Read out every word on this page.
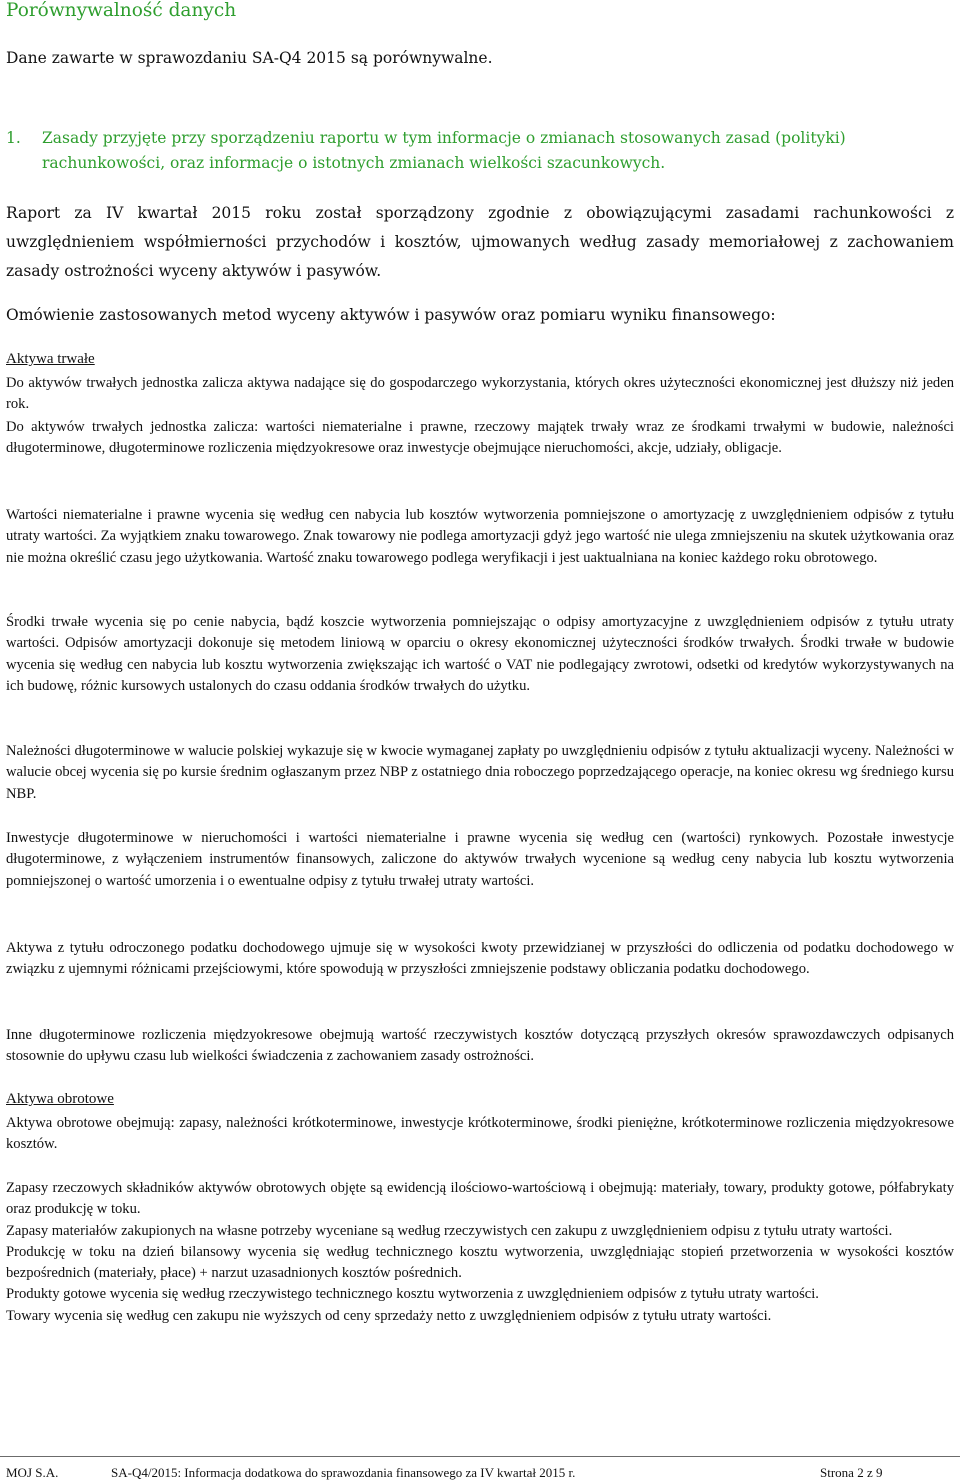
Porównywalność danych
Dane zawarte w sprawozdaniu SA-Q4 2015 są porównywalne.
1. Zasady przyjęte przy sporządzeniu raportu w tym informacje o zmianach stosowanych zasad (polityki)
rachunkowości, oraz informacje o istotnych zmianach wielkości szacunkowych.
Raport za IV kwartał 2015 roku został sporządzony zgodnie z obowiązującymi zasadami rachunkowości z uwzględnieniem współmierności przychodów i kosztów, ujmowanych według zasady memoriałowej z zachowaniem zasady ostrożności wyceny aktywów i pasywów.
Omówienie zastosowanych metod wyceny aktywów i pasywów oraz pomiaru wyniku finansowego:
Aktywa trwałe
Do aktywów trwałych jednostka zalicza aktywa nadające się do gospodarczego wykorzystania, których okres użyteczności ekonomicznej jest dłuższy niż jeden rok.
Do aktywów trwałych jednostka zalicza: wartości niematerialne i prawne, rzeczowy majątek trwały wraz ze środkami trwałymi w budowie, należności długoterminowe, długoterminowe rozliczenia międzyokresowe oraz inwestycje obejmujące nieruchomości, akcje, udziały, obligacje.
Wartości niematerialne i prawne wycenia się według cen nabycia lub kosztów wytworzenia pomniejszone o amortyzację z uwzględnieniem odpisów z tytułu utraty wartości. Za wyjątkiem znaku towarowego. Znak towarowy nie podlega amortyzacji gdyż jego wartość nie ulega zmniejszeniu na skutek użytkowania oraz nie można określić czasu jego użytkowania. Wartość znaku towarowego podlega weryfikacji i jest uaktualniana na koniec każdego roku obrotowego.
Środki trwałe wycenia się po cenie nabycia, bądź koszcie wytworzenia pomniejszając o odpisy amortyzacyjne z uwzględnieniem odpisów z tytułu utraty wartości. Odpisów amortyzacji dokonuje się metodem liniową w oparciu o okresy ekonomicznej użyteczności środków trwałych. Środki trwałe w budowie wycenia się według cen nabycia lub kosztu wytworzenia zwiększając ich wartość o VAT nie podlegający zwrotowi, odsetki od kredytów wykorzystywanych na ich budowę, różnic kursowych ustalonych do czasu oddania środków trwałych do użytku.
Należności długoterminowe w walucie polskiej wykazuje się w kwocie wymaganej zapłaty po uwzględnieniu odpisów z tytułu aktualizacji wyceny. Należności w walucie obcej wycenia się po kursie średnim ogłaszanym przez NBP z ostatniego dnia roboczego poprzedzającego operacje, na koniec okresu wg średniego kursu NBP.
Inwestycje długoterminowe w nieruchomości i wartości niematerialne i prawne wycenia się według cen (wartości) rynkowych. Pozostałe inwestycje długoterminowe, z wyłączeniem instrumentów finansowych, zaliczone do aktywów trwałych wycenione są według ceny nabycia lub kosztu wytworzenia pomniejszonej o wartość umorzenia i o ewentualne odpisy z tytułu trwałej utraty wartości.
Aktywa z tytułu odroczonego podatku dochodowego ujmuje się w wysokości kwoty przewidzianej w przyszłości do odliczenia od podatku dochodowego w związku z ujemnymi różnicami przejściowymi, które spowodują w przyszłości zmniejszenie podstawy obliczania podatku dochodowego.
Inne długoterminowe rozliczenia międzyokresowe obejmują wartość rzeczywistych kosztów dotyczącą przyszłych okresów sprawozdawczych odpisanych stosownie do upływu czasu lub wielkości świadczenia z zachowaniem zasady ostrożności.
Aktywa obrotowe
Aktywa obrotowe obejmują: zapasy, należności krótkoterminowe, inwestycje krótkoterminowe, środki pieniężne, krótkoterminowe rozliczenia międzyokresowe kosztów.
Zapasy rzeczowych składników aktywów obrotowych objęte są ewidencją ilościowo-wartościową i obejmują: materiały, towary, produkty gotowe, półfabrykaty oraz produkcję w toku.
Zapasy materiałów zakupionych na własne potrzeby wyceniane są według rzeczywistych cen zakupu z uwzględnieniem odpisu z tytułu utraty wartości.
Produkcję w toku na dzień bilansowy wycenia się według technicznego kosztu wytworzenia, uwzględniając stopień przetworzenia w wysokości kosztów bezpośrednich (materiały, płace) + narzut uzasadnionych kosztów pośrednich.
Produkty gotowe wycenia się według rzeczywistego technicznego kosztu wytworzenia z uwzględnieniem odpisów z tytułu utraty wartości.
Towary wycenia się według cen zakupu nie wyższych od ceny sprzedaży netto z uwzględnieniem odpisów z tytułu utraty wartości.
MOJ S.A.	SA-Q4/2015: Informacja dodatkowa do sprawozdania finansowego za IV kwartał 2015 r.	Strona 2 z 9
